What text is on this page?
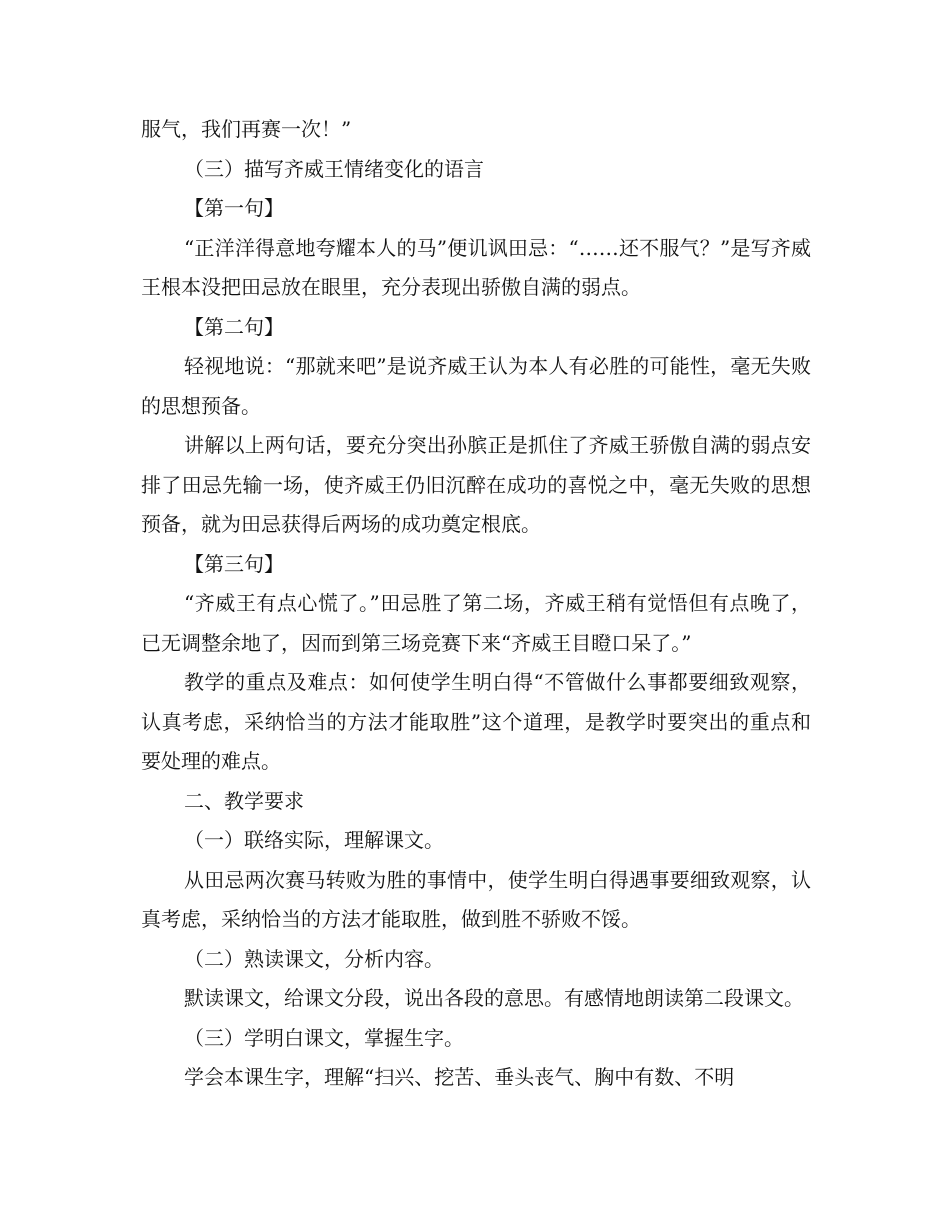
服气，我们再赛一次！”

（三）描写齐威王情绪变化的语言

【第一句】

“正洋洋得意地夸耀本人的马”便讥讽田忌：“……还不服气？”是写齐威王根本没把田忌放在眼里，充分表现出骄傲自满的弱点。

【第二句】

轻视地说：“那就来吧”是说齐威王认为本人有必胜的可能性，毫无失败的思想预备。

讲解以上两句话，要充分突出孙膑正是抓住了齐威王骄傲自满的弱点安排了田忌先输一场，使齐威王仍旧沉醉在成功的喜悦之中，毫无失败的思想预备，就为田忌获得后两场的成功奠定根底。

【第三句】

“齐威王有点心慌了。”田忌胜了第二场，齐威王稍有觉悟但有点晚了，已无调整余地了，因而到第三场竞赛下来“齐威王目瞪口呆了。”

教学的重点及难点：如何使学生明白得“不管做什么事都要细致观察，认真考虑，采纳恰当的方法才能取胜”这个道理，是教学时要突出的重点和要处理的难点。

二、教学要求

（一）联络实际，理解课文。

从田忌两次赛马转败为胜的事情中，使学生明白得遇事要细致观察，认真考虑，采纳恰当的方法才能取胜，做到胜不骄败不馁。

（二）熟读课文，分析内容。

默读课文，给课文分段，说出各段的意思。有感情地朗读第二段课文。

（三）学明白课文，掌握生字。

学会本课生字，理解“扫兴、挖苦、垂头丧气、胸中有数、不明
